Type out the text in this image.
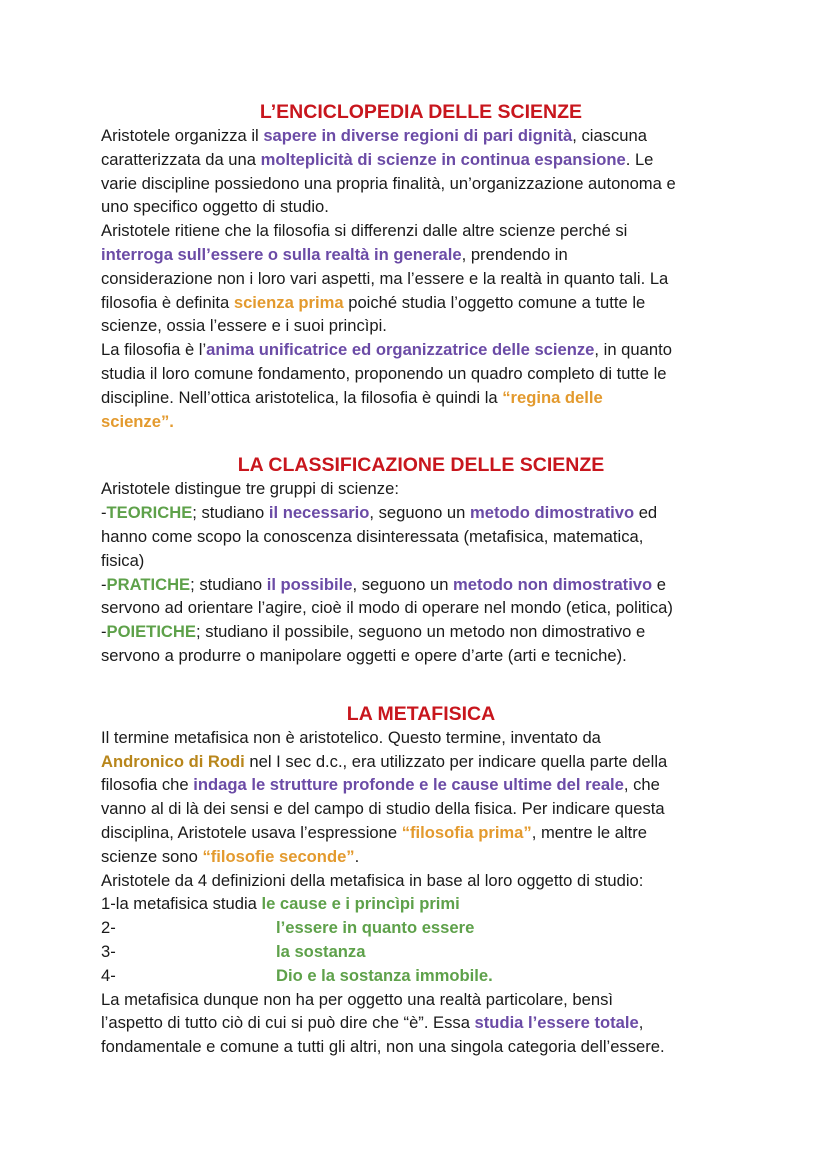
L’ENCICLOPEDIA DELLE SCIENZE
Aristotele organizza il sapere in diverse regioni di pari dignità, ciascuna
caratterizzata da una molteplicità di scienze in continua espansione. Le
varie discipline possiedono una propria finalità, un’organizzazione autonoma e
uno specifico oggetto di studio.
Aristotele ritiene che la filosofia si differenzi dalle altre scienze perché si
interroga sull’essere o sulla realtà in generale, prendendo in
considerazione non i loro vari aspetti, ma l’essere e la realtà in quanto tali. La
filosofia è definita scienza prima poiché studia l’oggetto comune a tutte le
scienze, ossia l’essere e i suoi princìpi.
La filosofia è l’anima unificatrice ed organizzatrice delle scienze, in quanto
studia il loro comune fondamento, proponendo un quadro completo di tutte le
discipline. Nell’ottica aristotelica, la filosofia è quindi la “regina delle
scienze”.
LA CLASSIFICAZIONE DELLE SCIENZE
Aristotele distingue tre gruppi di scienze:
-TEORICHE; studiano il necessario, seguono un metodo dimostrativo ed
hanno come scopo la conoscenza disinteressata (metafisica, matematica,
fisica)
-PRATICHE; studiano il possibile, seguono un metodo non dimostrativo e
servono ad orientare l’agire, cioè il modo di operare nel mondo (etica, politica)
-POIETICHE; studiano il possibile, seguono un metodo non dimostrativo e
servono a produrre o manipolare oggetti e opere d’arte (arti e tecniche).
LA METAFISICA
Il termine metafisica non è aristotelico. Questo termine, inventato da
Andronico di Rodi nel I sec d.c., era utilizzato per indicare quella parte della
filosofia che indaga le strutture profonde e le cause ultime del reale, che
vanno al di là dei sensi e del campo di studio della fisica. Per indicare questa
disciplina, Aristotele usava l’espressione “filosofia prima”, mentre le altre
scienze sono “filosofie seconde”.
Aristotele da 4 definizioni della metafisica in base al loro oggetto di studio:
1-la metafisica studia le cause e i princìpi primi
2-	l’essere in quanto essere
3-	la sostanza
4-	Dio e la sostanza immobile.
La metafisica dunque non ha per oggetto una realtà particolare, bensì
l’aspetto di tutto ciò di cui si può dire che “è”. Essa studia l’essere totale,
fondamentale e comune a tutti gli altri, non una singola categoria dell’essere.
